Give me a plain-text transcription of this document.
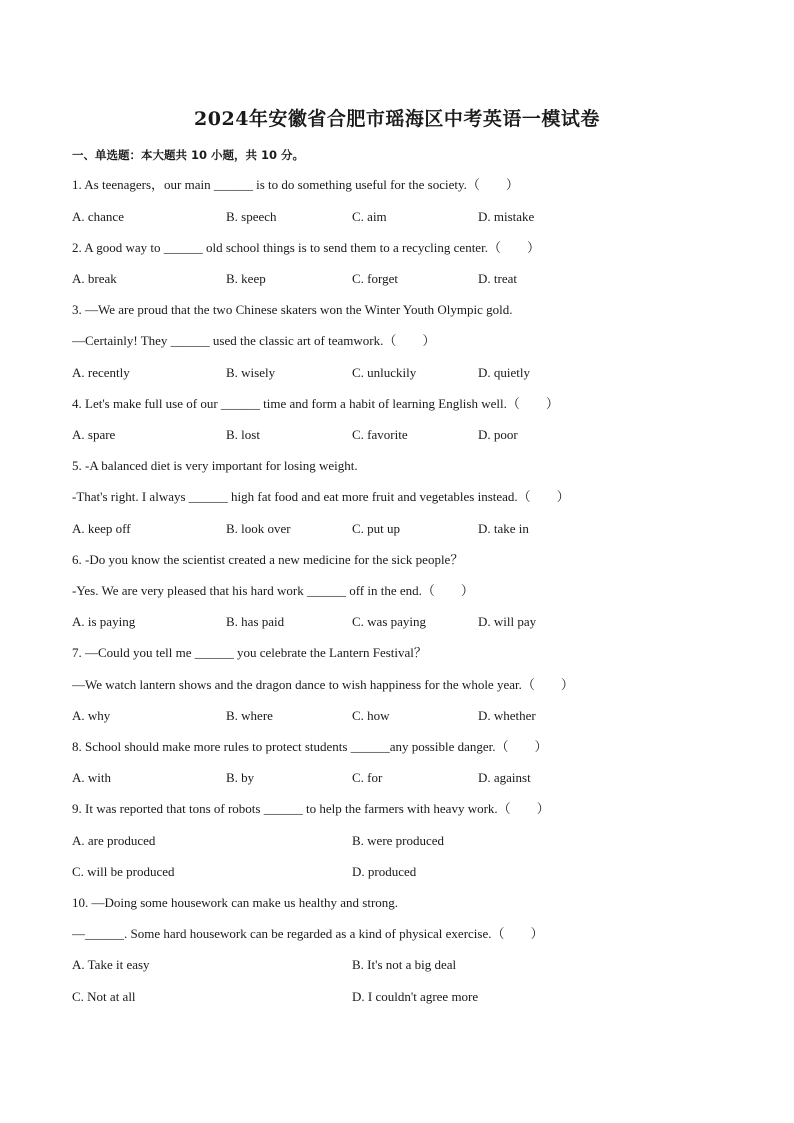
2024年安徽省合肥市瑶海区中考英语一模试卷
一、单选题：本大题共 10 小题，共 10 分。
1. As teenagers，our main ______ is to do something useful for the society.（　　）
A. chance	B. speech	C. aim	D. mistake
2. A good way to ______ old school things is to send them to a recycling center.（　　）
A. break	B. keep	C. forget	D. treat
3. —We are proud that the two Chinese skaters won the Winter Youth Olympic gold.
—Certainly! They ______ used the classic art of teamwork.（　　）
A. recently	B. wisely	C. unluckily	D. quietly
4. Let's make full use of our ______ time and form a habit of learning English well.（　　）
A. spare	B. lost	C. favorite	D. poor
5. -A balanced diet is very important for losing weight.
-That's right. I always ______ high fat food and eat more fruit and vegetables instead.（　　）
A. keep off	B. look over	C. put up	D. take in
6. -Do you know the scientist created a new medicine for the sick people？
-Yes. We are very pleased that his hard work ______ off in the end.（　　）
A. is paying	B. has paid	C. was paying	D. will pay
7. —Could you tell me ______ you celebrate the Lantern Festival？
—We watch lantern shows and the dragon dance to wish happiness for the whole year.（　　）
A. why	B. where	C. how	D. whether
8. School should make more rules to protect students ______any possible danger.（　　）
A. with	B. by	C. for	D. against
9. It was reported that tons of robots ______ to help the farmers with heavy work.（　　）
A. are produced	B. were produced
C. will be produced	D. produced
10. —Doing some housework can make us healthy and strong.
—______. Some hard housework can be regarded as a kind of physical exercise.（　　）
A. Take it easy	B. It's not a big deal
C. Not at all	D. I couldn't agree more
